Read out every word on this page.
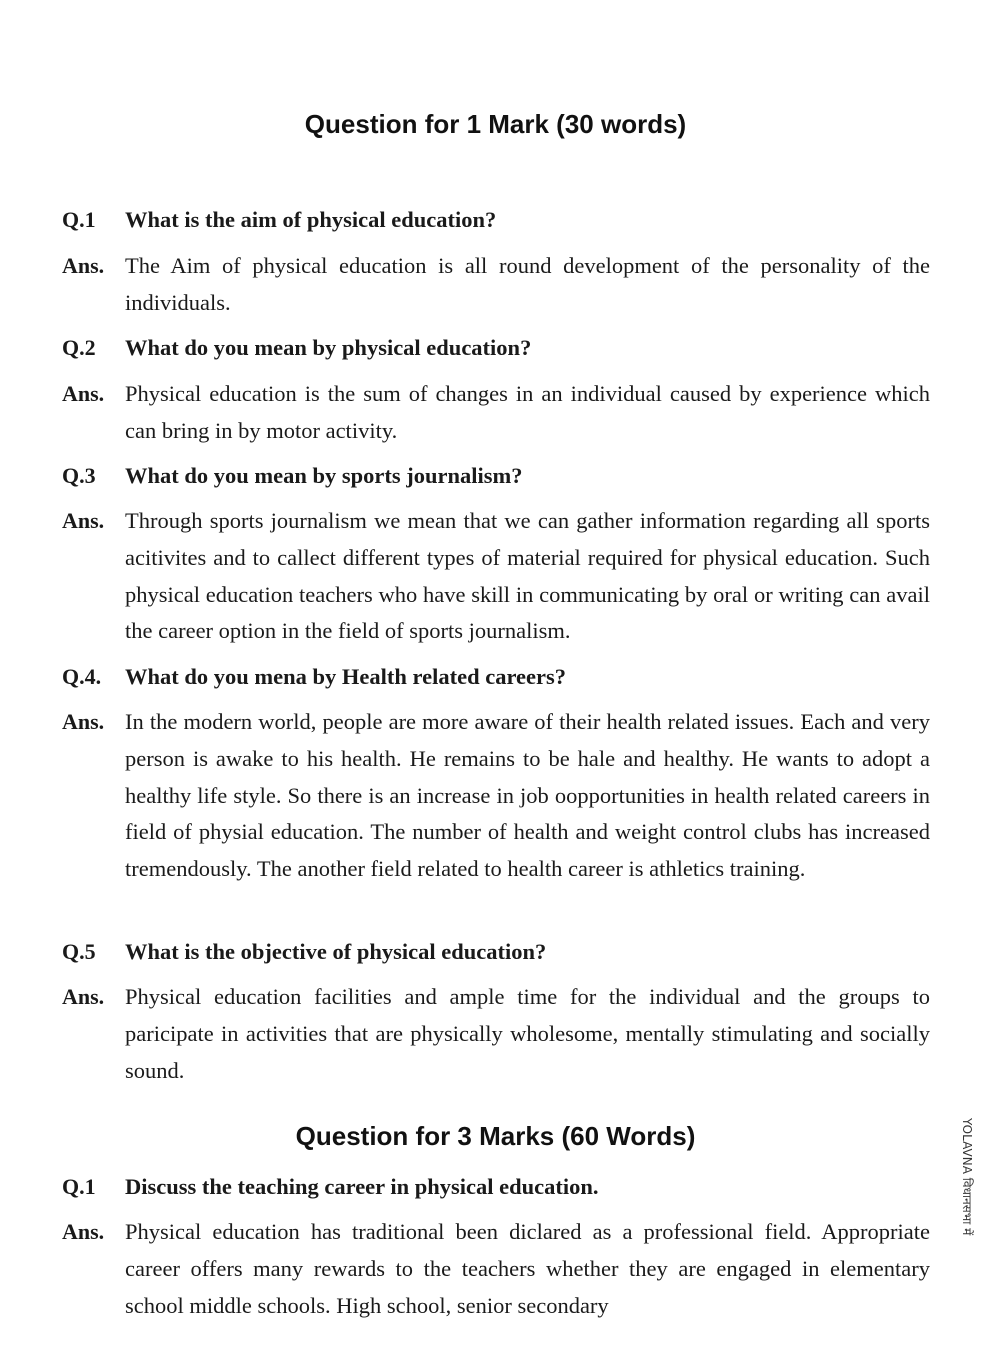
Question for 1 Mark (30 words)
Q.1 What is the aim of physical education?
Ans. The Aim of physical education is all round development of the personality of the individuals.
Q.2 What do you mean by physical education?
Ans. Physical education is the sum of changes in an individual caused by experience which can bring in by motor activity.
Q.3 What do you mean by sports journalism?
Ans. Through sports journalism we mean that we can gather information regarding all sports acitivites and to callect different types of material required for physical education. Such physical education teachers who have skill in communicating by oral or writing can avail the career option in the field of sports journalism.
Q.4. What do you mena by Health related careers?
Ans. In the modern world, people are more aware of their health related issues. Each and very person is awake to his health. He remains to be hale and healthy. He wants to adopt a healthy life style. So there is an increase in job oopportunities in health related careers in field of physial education. The number of health and weight control clubs has increased tremendously. The another field related to health career is athletics training.
Q.5 What is the objective of physical education?
Ans. Physical education facilities and ample time for the individual and the groups to paricipate in activities that are physically wholesome, mentally stimulating and socially sound.
Question for 3 Marks (60 Words)
Q.1 Discuss the teaching career in physical education.
Ans. Physical education has traditional been diclared as a professional field. Appropriate career offers many rewards to the teachers whether they are engaged in elementary school middle schools. High school, senior secondary
YOLAVNA विधानसभा में
